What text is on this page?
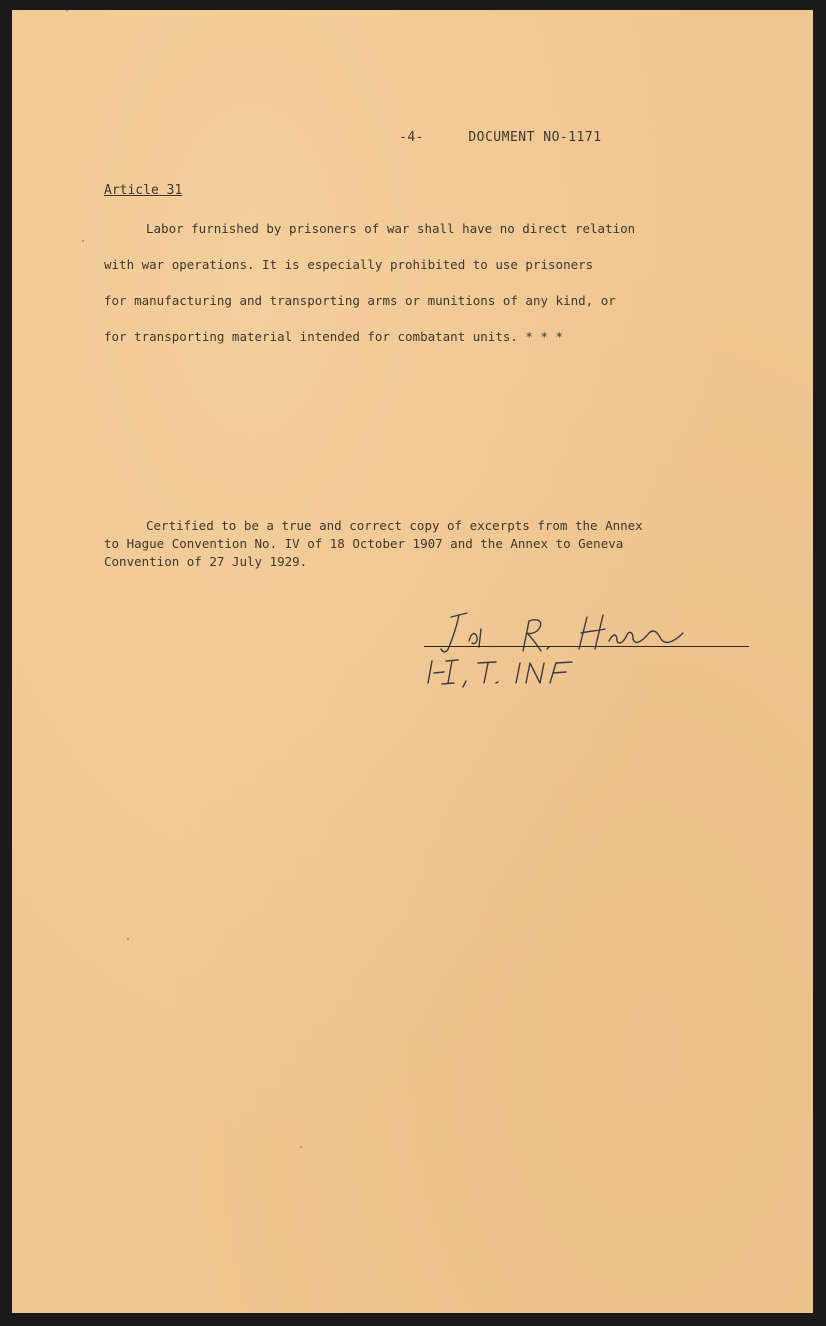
-4-	DOCUMENT NO-1171
Article 31
Labor furnished by prisoners of war shall have no direct relation
with war operations. It is especially prohibited to use prisoners
for manufacturing and transporting arms or munitions of any kind, or
for transporting material intended for combatant units. * * *
Certified to be a true and correct copy of excerpts from the Annex
to Hague Convention No. IV of 18 October 1907 and the Annex to Geneva
Convention of 27 July 1929.
